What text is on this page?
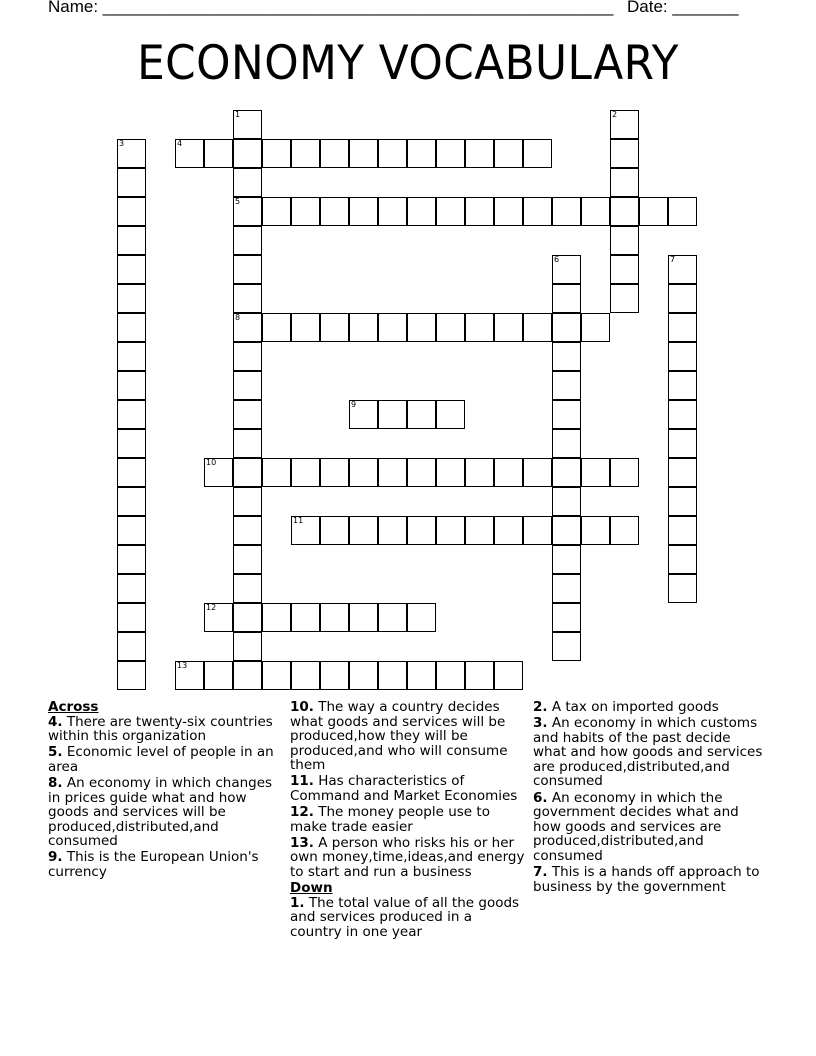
Name: ______________________________________________________ Date: _______
ECONOMY VOCABULARY
1
5
8
2
3	4
6	7
9
10
11
12
13
Across
4. There are twenty-six countries within this organization
5. Economic level of people in an area
8. An economy in which changes in prices guide what and how goods and services will be produced,distributed,and consumed
9. This is the European Union's currency
10. The way a country decides what goods and services will be produced,how they will be produced,and who will consume them
11. Has characteristics of Command and Market Economies
12. The money people use to make trade easier
13. A person who risks his or her own money,time,ideas,and energy to start and run a business
Down
1. The total value of all the goods and services produced in a country in one year
2. A tax on imported goods
3. An economy in which customs and habits of the past decide what and how goods and services are produced,distributed,and consumed
6. An economy in which the government decides what and how goods and services are produced,distributed,and consumed
7. This is a hands off approach to business by the government
